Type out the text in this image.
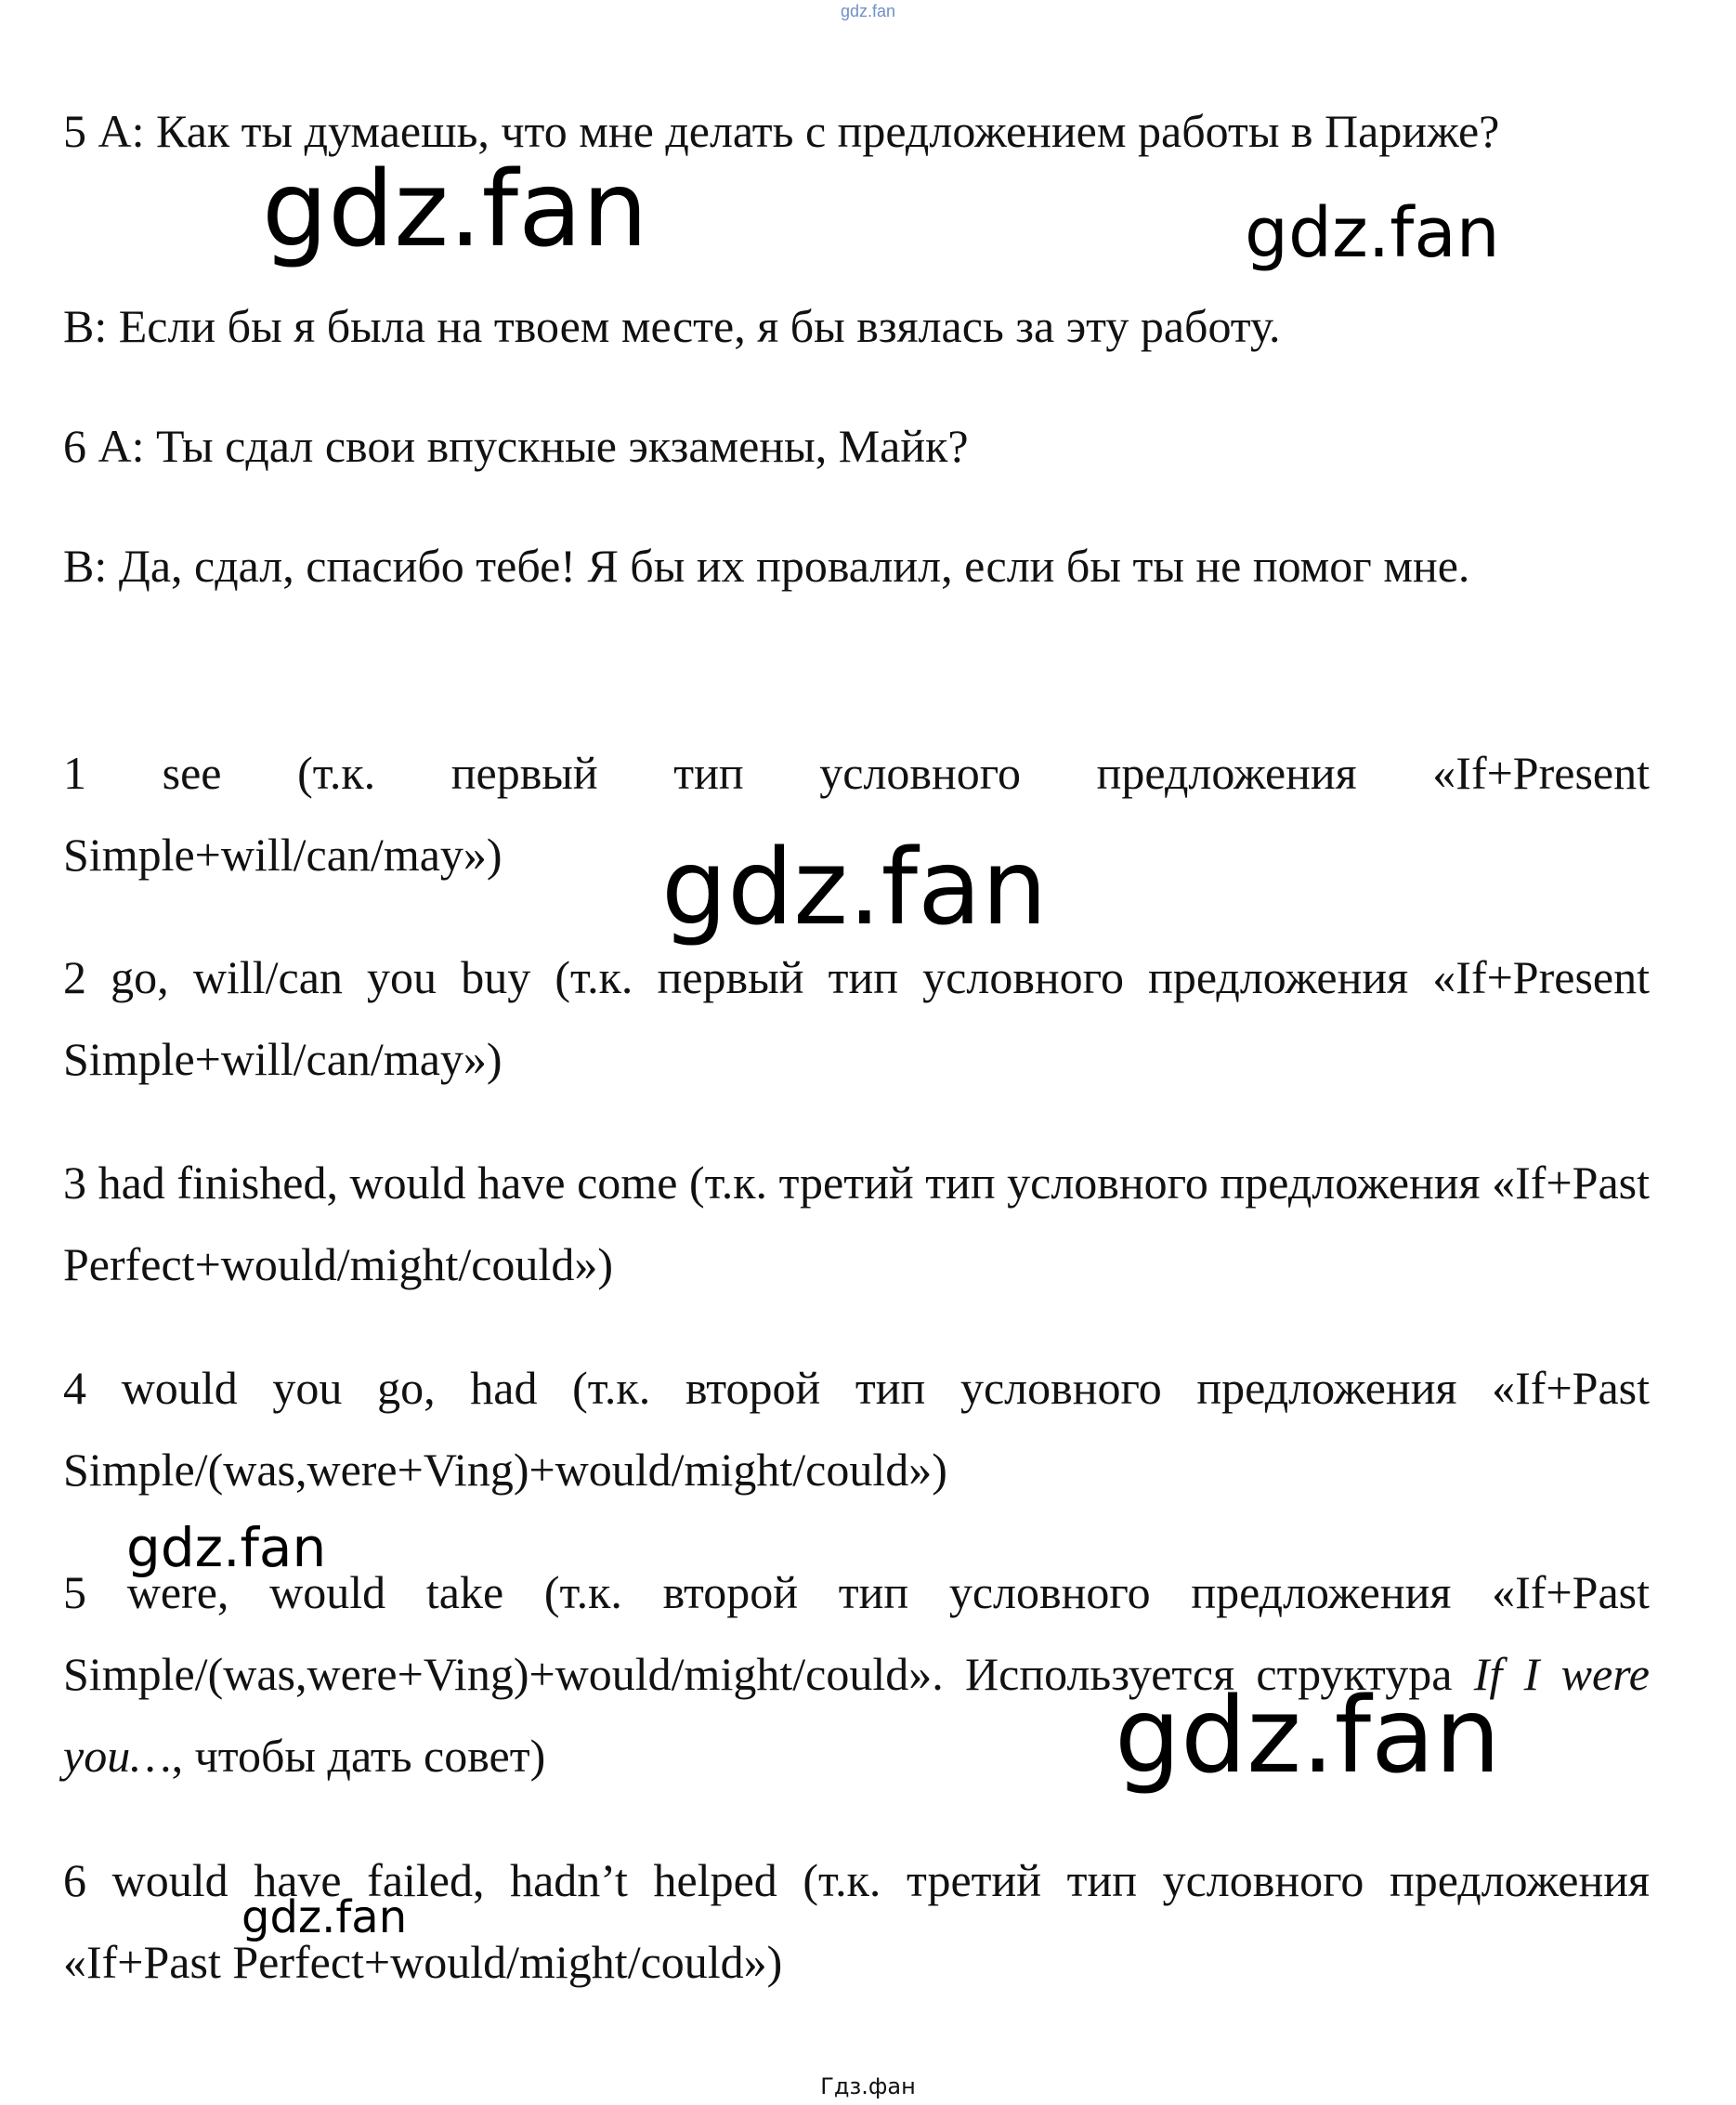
gdz.fan

5 А: Как ты думаешь, что мне делать с предложением работы в Париже?

В: Если бы я была на твоем месте, я бы взялась за эту работу.

6 А: Ты сдал свои впускные экзамены, Майк?

В: Да, сдал, спасибо тебе! Я бы их провалил, если бы ты не помог мне.

1 see (т.к. первый тип условного предложения «If+Present Simple+will/can/may»)

2 go, will/can you buy (т.к. первый тип условного предложения «If+Present Simple+will/can/may»)

3 had finished, would have come (т.к. третий тип условного предложения «If+Past Perfect+would/might/could»)

4 would you go, had (т.к. второй тип условного предложения «If+Past Simple/(was,were+Ving)+would/might/could»)

5 were, would take (т.к. второй тип условного предложения «If+Past Simple/(was,were+Ving)+would/might/could». Используется структура If I were you…, чтобы дать совет)

6 would have failed, hadn’t helped (т.к. третий тип условного предложения «If+Past Perfect+would/might/could»)

gdz.fan	gdz.fan
gdz.fan
gdz.fan
gdz.fan
gdz.fan
Гдз.фан
